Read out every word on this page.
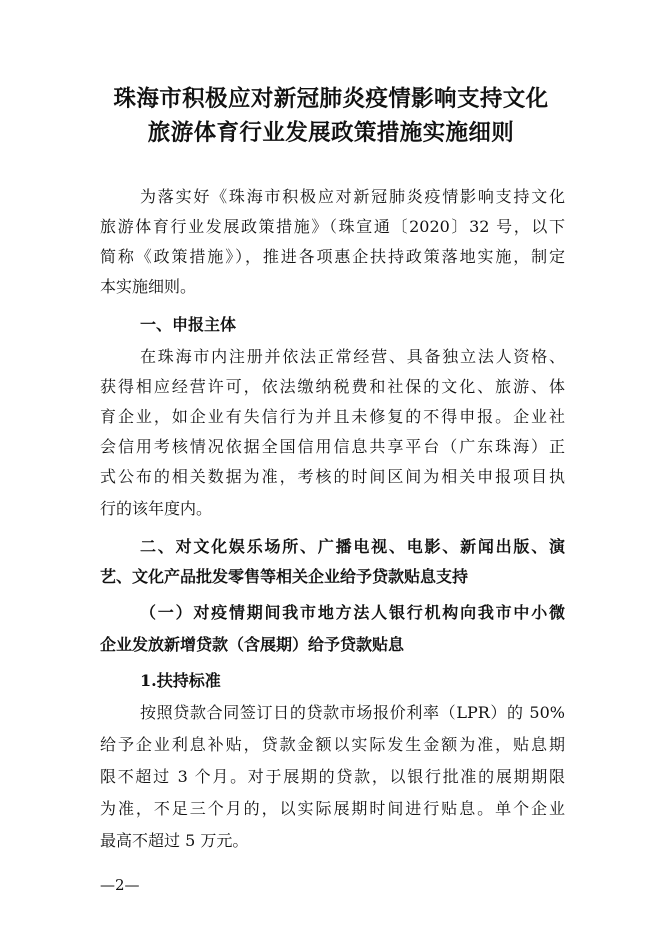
珠海市积极应对新冠肺炎疫情影响支持文化
旅游体育行业发展政策措施实施细则

为落实好《珠海市积极应对新冠肺炎疫情影响支持文化

旅游体育行业发展政策措施》（珠宣通〔2020〕32 号，以下

简称《政策措施》），推进各项惠企扶持政策落地实施，制定

本实施细则。

一、申报主体

在珠海市内注册并依法正常经营、具备独立法人资格、

获得相应经营许可，依法缴纳税费和社保的文化、旅游、体

育企业，如企业有失信行为并且未修复的不得申报。企业社

会信用考核情况依据全国信用信息共享平台（广东珠海）正

式公布的相关数据为准，考核的时间区间为相关申报项目执

行的该年度内。

二、对文化娱乐场所、广播电视、电影、新闻出版、演

艺、文化产品批发零售等相关企业给予贷款贴息支持

（一）对疫情期间我市地方法人银行机构向我市中小微

企业发放新增贷款（含展期）给予贷款贴息

1.扶持标准

按照贷款合同签订日的贷款市场报价利率（LPR）的 50%

给予企业利息补贴，贷款金额以实际发生金额为准，贴息期

限不超过 3 个月。对于展期的贷款，以银行批准的展期期限

为准，不足三个月的，以实际展期时间进行贴息。单个企业

最高不超过 5 万元。

—2—
